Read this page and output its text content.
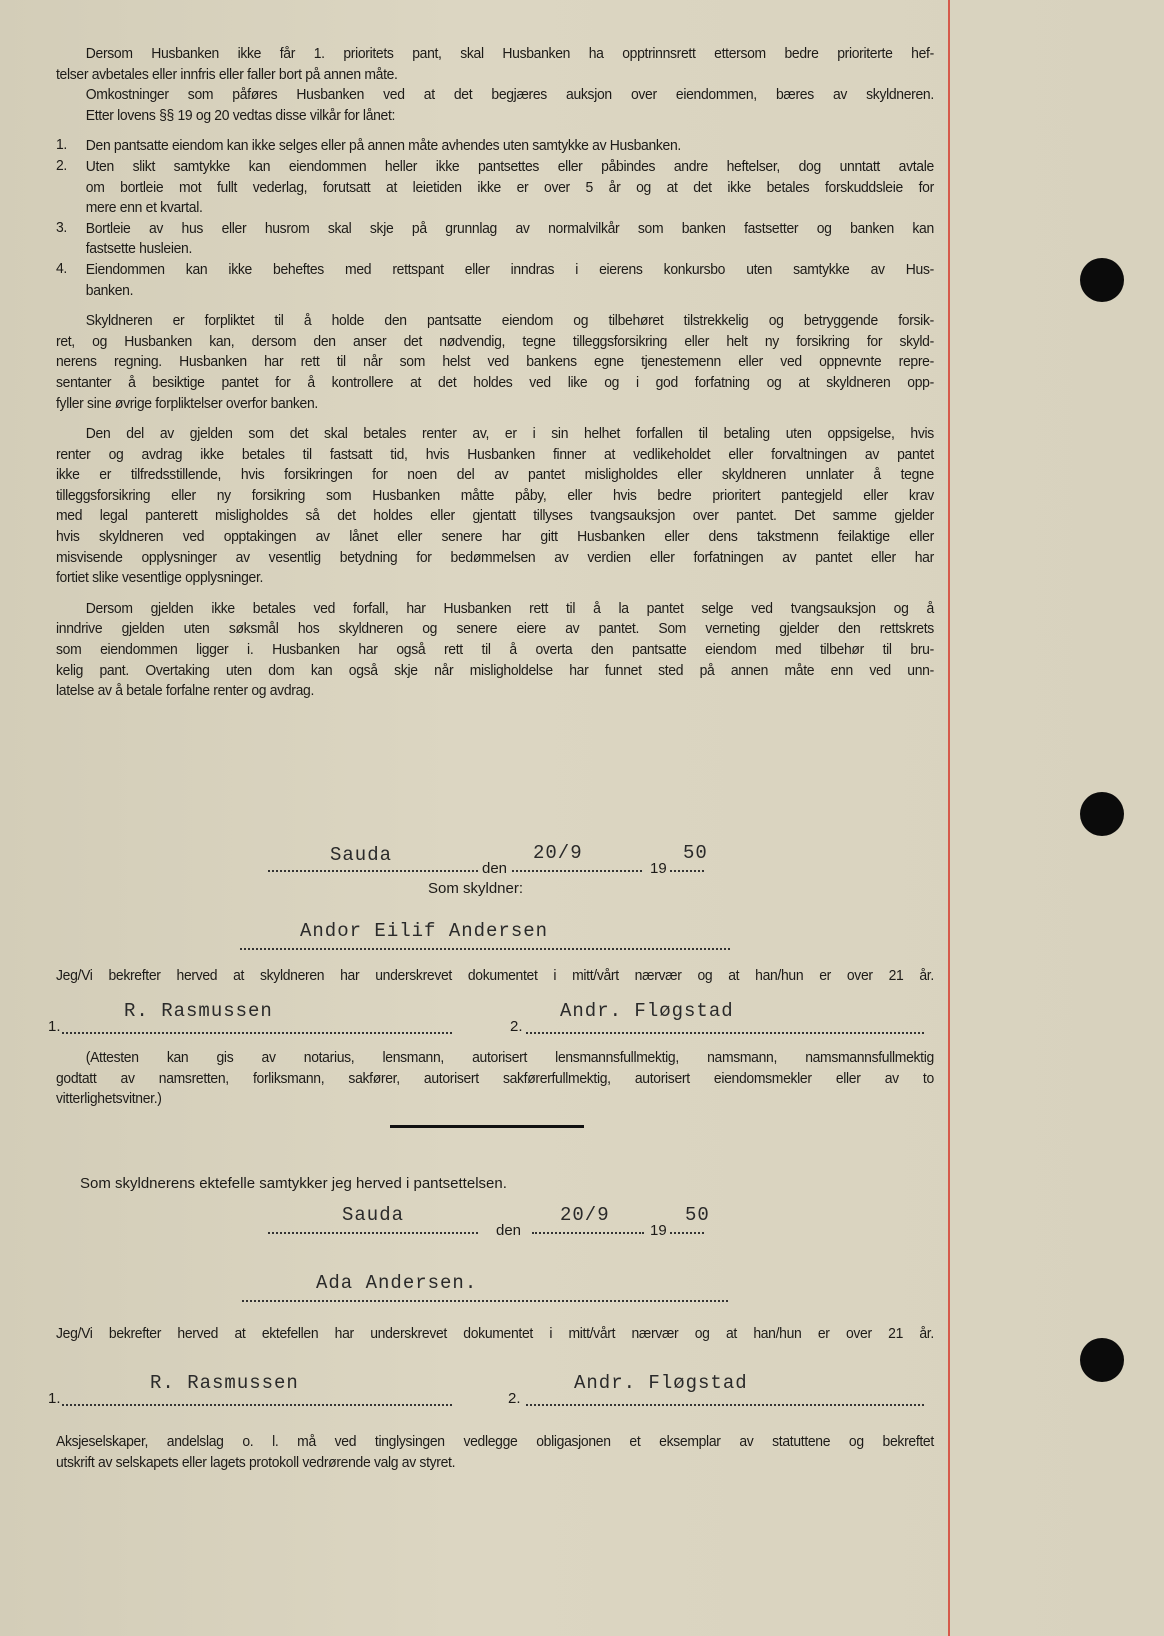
Dersom Husbanken ikke får 1. prioritets pant, skal Husbanken ha opptrinnsrett ettersom bedre prioriterte hef-
telser avbetales eller innfris eller faller bort på annen måte.
Omkostninger som påføres Husbanken ved at det begjæres auksjon over eiendommen, bæres av skyldneren.
Etter lovens §§ 19 og 20 vedtas disse vilkår for lånet:
1.	Den pantsatte eiendom kan ikke selges eller på annen måte avhendes uten samtykke av Husbanken.
2.	Uten slikt samtykke kan eiendommen heller ikke pantsettes eller påbindes andre heftelser, dog unntatt avtale
om bortleie mot fullt vederlag, forutsatt at leietiden ikke er over 5 år og at det ikke betales forskuddsleie for
mere enn et kvartal.
3.	Bortleie av hus eller husrom skal skje på grunnlag av normalvilkår som banken fastsetter og banken kan
fastsette husleien.
4.	Eiendommen kan ikke beheftes med rettspant eller inndras i eierens konkursbo uten samtykke av Hus-
banken.
Skyldneren er forpliktet til å holde den pantsatte eiendom og tilbehøret tilstrekkelig og betryggende forsik-
ret, og Husbanken kan, dersom den anser det nødvendig, tegne tilleggsforsikring eller helt ny forsikring for skyld-
nerens regning. Husbanken har rett til når som helst ved bankens egne tjenestemenn eller ved oppnevnte repre-
sentanter å besiktige pantet for å kontrollere at det holdes ved like og i god forfatning og at skyldneren opp-
fyller sine øvrige forpliktelser overfor banken.
Den del av gjelden som det skal betales renter av, er i sin helhet forfallen til betaling uten oppsigelse, hvis
renter og avdrag ikke betales til fastsatt tid, hvis Husbanken finner at vedlikeholdet eller forvaltningen av pantet
ikke er tilfredsstillende, hvis forsikringen for noen del av pantet misligholdes eller skyldneren unnlater å tegne
tilleggsforsikring eller ny forsikring som Husbanken måtte påby, eller hvis bedre prioritert pantegjeld eller krav
med legal panterett misligholdes så det holdes eller gjentatt tillyses tvangsauksjon over pantet. Det samme gjelder
hvis skyldneren ved opptakingen av lånet eller senere har gitt Husbanken eller dens takstmenn feilaktige eller
misvisende opplysninger av vesentlig betydning for bedømmelsen av verdien eller forfatningen av pantet eller har
fortiet slike vesentlige opplysninger.
Dersom gjelden ikke betales ved forfall, har Husbanken rett til å la pantet selge ved tvangsauksjon og å
inndrive gjelden uten søksmål hos skyldneren og senere eiere av pantet. Som verneting gjelder den rettskrets
som eiendommen ligger i. Husbanken har også rett til å overta den pantsatte eiendom med tilbehør til bru-
kelig pant. Overtaking uten dom kan også skje når misligholdelse har funnet sted på annen måte enn ved unn-
latelse av å betale forfalne renter og avdrag.
Sauda
den
20/9
19
50
Som skyldner:
Andor Eilif Andersen
Jeg/Vi bekrefter herved at skyldneren har underskrevet dokumentet i mitt/vårt nærvær og at han/hun er over 21 år.
1.
R. Rasmussen
2.
Andr. Fløgstad
(Attesten kan gis av notarius, lensmann, autorisert lensmannsfullmektig, namsmann, namsmannsfullmektig
godtatt av namsretten, forliksmann, sakfører, autorisert sakførerfullmektig, autorisert eiendomsmekler eller av to
vitterlighetsvitner.)
Som skyldnerens ektefelle samtykker jeg herved i pantsettelsen.
Sauda
den
20/9
19
50
Ada Andersen.
Jeg/Vi bekrefter herved at ektefellen har underskrevet dokumentet i mitt/vårt nærvær og at han/hun er over 21 år.
1.
R. Rasmussen
2.
Andr. Fløgstad
Aksjeselskaper, andelslag o. l. må ved tinglysingen vedlegge obligasjonen et eksemplar av statuttene og bekreftet
utskrift av selskapets eller lagets protokoll vedrørende valg av styret.
